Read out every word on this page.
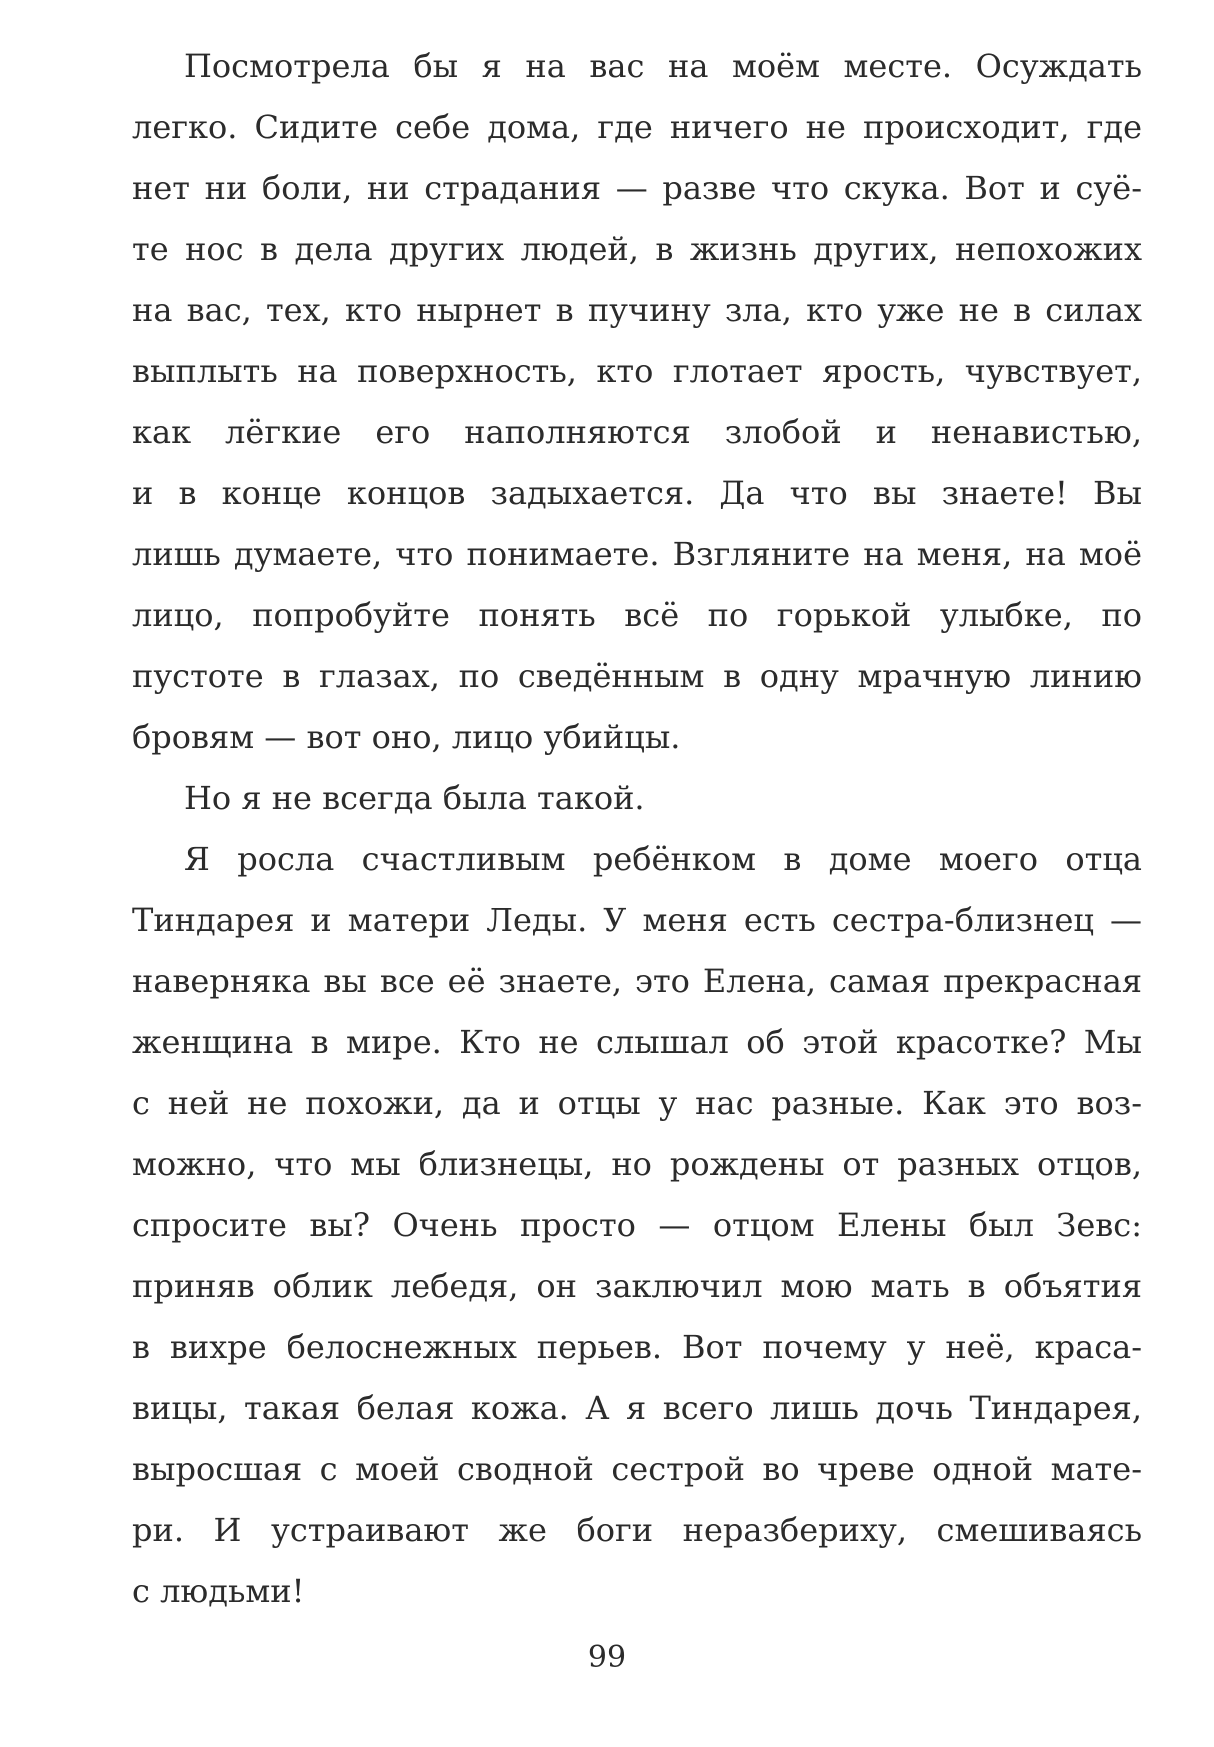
Посмотрела бы я на вас на моём месте. Осуждать
легко. Сидите себе дома, где ничего не происходит, где
нет ни боли, ни страдания — разве что скука. Вот и суё-
те нос в дела других людей, в жизнь других, непохожих
на вас, тех, кто нырнет в пучину зла, кто уже не в силах
выплыть на поверхность, кто глотает ярость, чувствует,
как лёгкие его наполняются злобой и ненавистью,
и в конце концов задыхается. Да что вы знаете! Вы
лишь думаете, что понимаете. Взгляните на меня, на моё
лицо, попробуйте понять всё по горькой улыбке, по
пустоте в глазах, по сведённым в одну мрачную линию
бровям — вот оно, лицо убийцы.
Но я не всегда была такой.
Я росла счастливым ребёнком в доме моего отца
Тиндарея и матери Леды. У меня есть сестра-близнец —
наверняка вы все её знаете, это Елена, самая прекрасная
женщина в мире. Кто не слышал об этой красотке? Мы
с ней не похожи, да и отцы у нас разные. Как это воз-
можно, что мы близнецы, но рождены от разных отцов,
спросите вы? Очень просто — отцом Елены был Зевс:
приняв облик лебедя, он заключил мою мать в объятия
в вихре белоснежных перьев. Вот почему у неё, краса-
вицы, такая белая кожа. А я всего лишь дочь Тиндарея,
выросшая с моей сводной сестрой во чреве одной мате-
ри. И устраивают же боги неразбериху, смешиваясь
с людьми!
99
